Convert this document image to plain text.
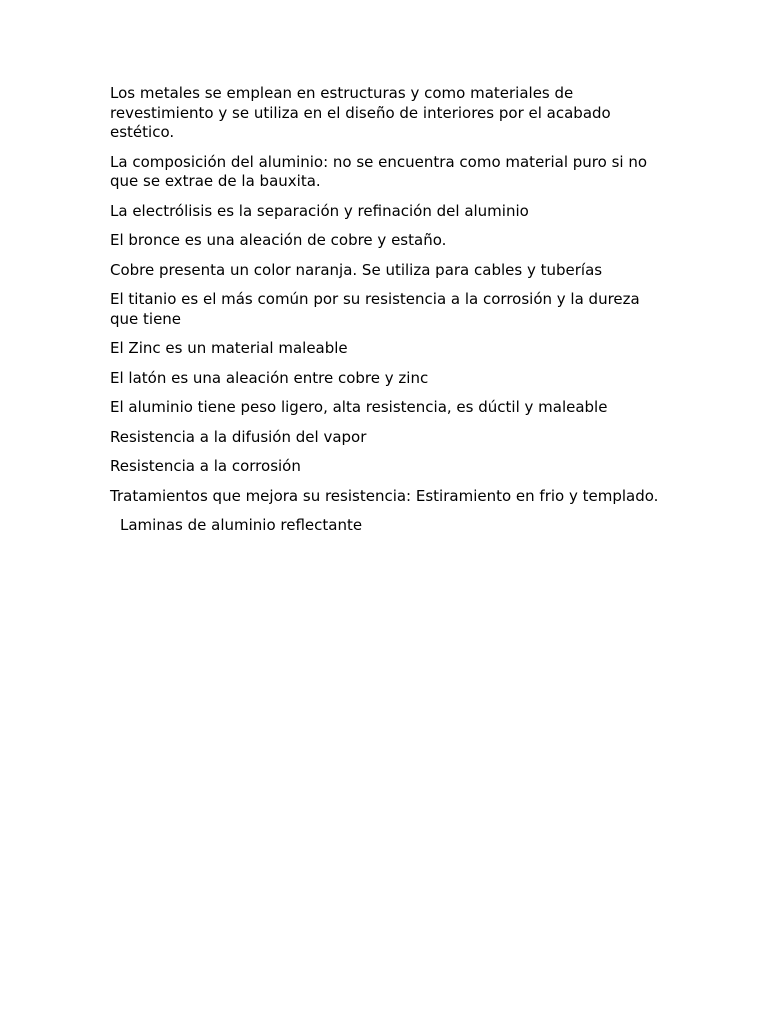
Los metales se emplean en estructuras y como materiales de revestimiento y se utiliza en el diseño de interiores por el acabado estético.

La composición del aluminio: no se encuentra como material puro si no que se extrae de la bauxita.

La electrólisis es la separación y refinación del aluminio

El bronce es una aleación de cobre y estaño.

Cobre presenta un color naranja. Se utiliza para cables y tuberías

El titanio es el más común por su resistencia a la corrosión y la dureza que tiene

El Zinc es un material maleable

El latón es una aleación entre cobre y zinc

El aluminio tiene peso ligero, alta resistencia, es dúctil y maleable

Resistencia a la difusión del vapor

Resistencia a la corrosión

Tratamientos que mejora su resistencia: Estiramiento en frio y templado.

Laminas de aluminio reflectante
